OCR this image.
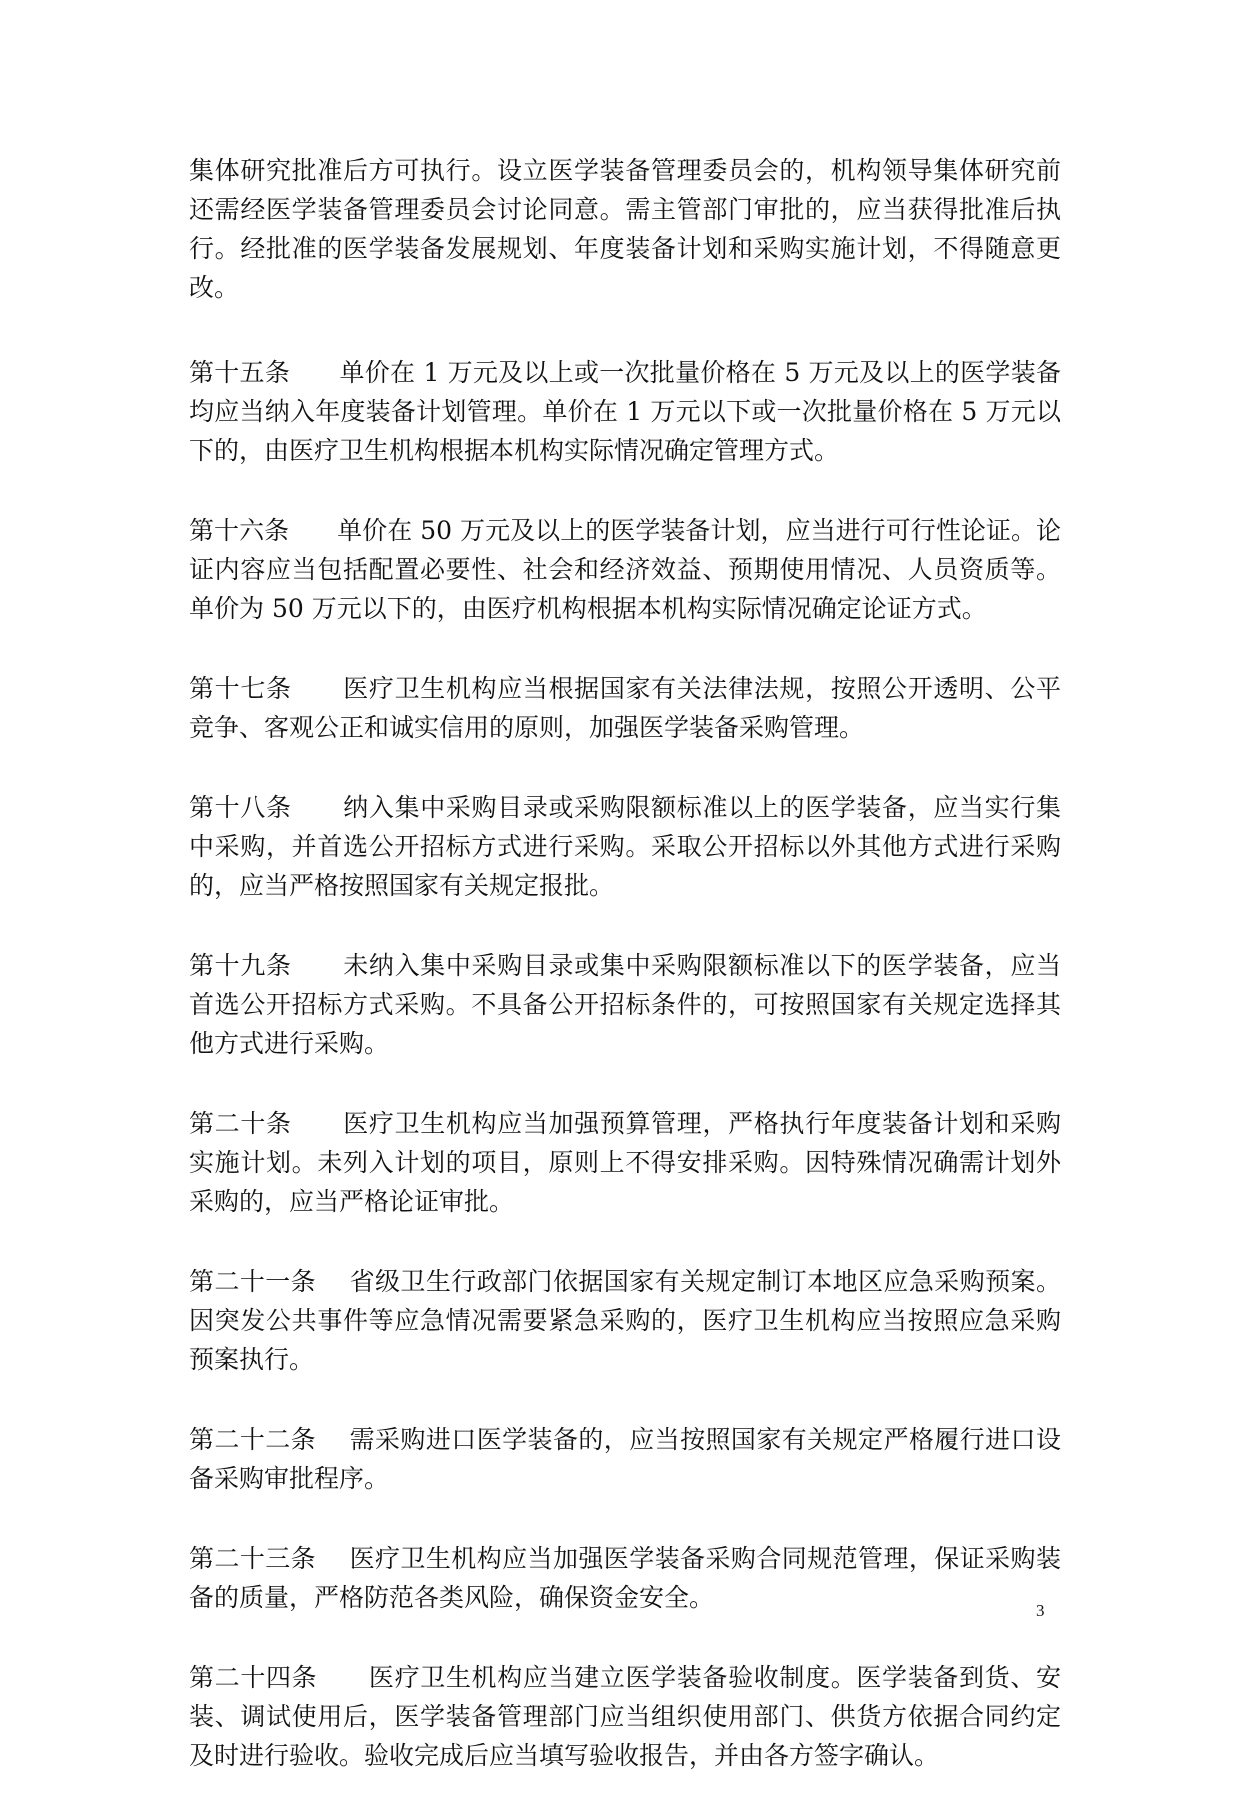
集体研究批准后方可执行。设立医学装备管理委员会的，机构领导集体研究前还需经医学装备管理委员会讨论同意。需主管部门审批的，应当获得批准后执行。经批准的医学装备发展规划、年度装备计划和采购实施计划，不得随意更改。

第十五条 单价在 1 万元及以上或一次批量价格在 5 万元及以上的医学装备均应当纳入年度装备计划管理。单价在 1 万元以下或一次批量价格在 5 万元以下的，由医疗卫生机构根据本机构实际情况确定管理方式。

第十六条 单价在 50 万元及以上的医学装备计划，应当进行可行性论证。论证内容应当包括配置必要性、社会和经济效益、预期使用情况、人员资质等。单价为 50 万元以下的，由医疗机构根据本机构实际情况确定论证方式。

第十七条 医疗卫生机构应当根据国家有关法律法规，按照公开透明、公平竞争、客观公正和诚实信用的原则，加强医学装备采购管理。

第十八条 纳入集中采购目录或采购限额标准以上的医学装备，应当实行集中采购，并首选公开招标方式进行采购。采取公开招标以外其他方式进行采购的，应当严格按照国家有关规定报批。

第十九条 未纳入集中采购目录或集中采购限额标准以下的医学装备，应当首选公开招标方式采购。不具备公开招标条件的，可按照国家有关规定选择其他方式进行采购。

第二十条 医疗卫生机构应当加强预算管理，严格执行年度装备计划和采购实施计划。未列入计划的项目，原则上不得安排采购。因特殊情况确需计划外采购的，应当严格论证审批。

第二十一条 省级卫生行政部门依据国家有关规定制订本地区应急采购预案。因突发公共事件等应急情况需要紧急采购的，医疗卫生机构应当按照应急采购预案执行。

第二十二条 需采购进口医学装备的，应当按照国家有关规定严格履行进口设备采购审批程序。

第二十三条 医疗卫生机构应当加强医学装备采购合同规范管理，保证采购装备的质量，严格防范各类风险，确保资金安全。

第二十四条 医疗卫生机构应当建立医学装备验收制度。医学装备到货、安装、调试使用后，医学装备管理部门应当组织使用部门、供货方依据合同约定及时进行验收。验收完成后应当填写验收报告，并由各方签字确认。

3
